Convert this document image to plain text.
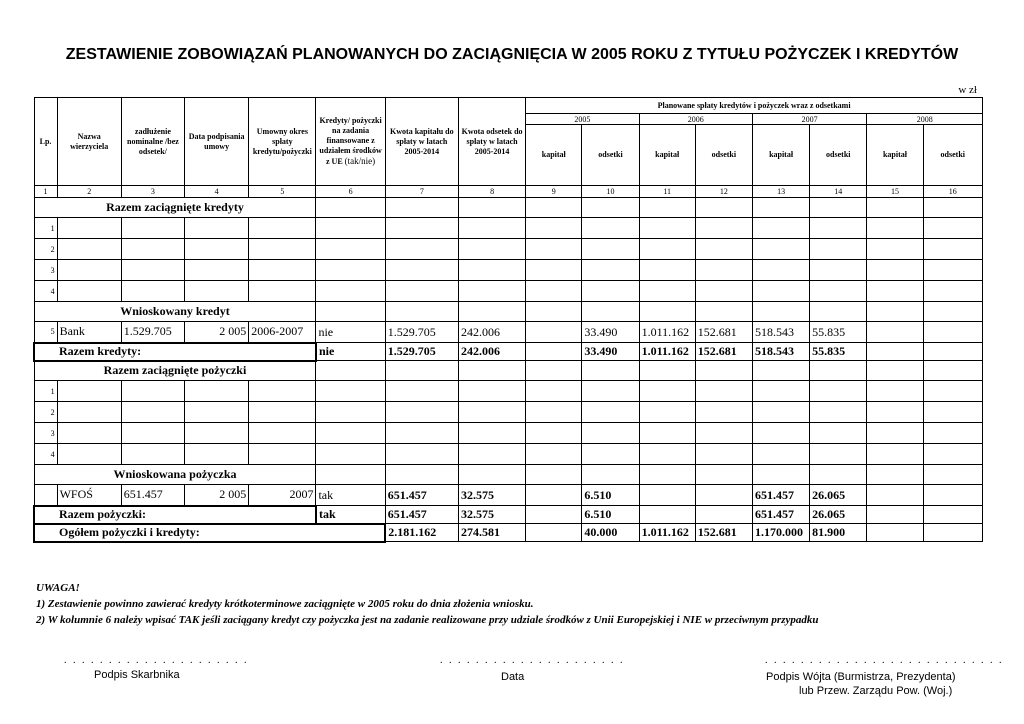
ZESTAWIENIE ZOBOWIĄZAŃ PLANOWANYCH DO ZACIĄGNIĘCIA W 2005 ROKU Z TYTUŁU POŻYCZEK I KREDYTÓW
w zł
Lp.	Nazwa wierzyciela	zadłużenie nominalne /bez odsetek/	Data podpisania umowy	Umowny okres spłaty kredytu/pożyczki	Kredyty/ pożyczki na zadania finansowane z udziałem środków z UE (tak/nie)	Kwota kapitału do spłaty w latach 2005-2014	Kwota odsetek do spłaty w latach 2005-2014	Planowane spłaty kredytów i pożyczek wraz z odsetkami							
								2005		2006		2007		2008	
								kapitał	odsetki	kapitał	odsetki	kapitał	odsetki	kapitał	odsetki
1	2	3	4	5	6	7	8	9	10	11	12	13	14	15	16
Razem zaciągnięte kredyty															
1															
2															
3															
4															
Wnioskowany kredyt															
5	Bank	1.529.705	2 005	2006-2007	nie	1.529.705	242.006		33.490	1.011.162	152.681	518.543	55.835		
Razem kredyty:					nie	1.529.705	242.006		33.490	1.011.162	152.681	518.543	55.835		
Razem zaciągnięte pożyczki															
1															
2															
3															
4															
Wnioskowana pożyczka															
	WFOŚ	651.457	2 005	2007	tak	651.457	32.575		6.510			651.457	26.065		
Razem pożyczki:					tak	651.457	32.575		6.510			651.457	26.065		
Ogółem pożyczki i kredyty:						2.181.162	274.581		40.000	1.011.162	152.681	1.170.000	81.900		
UWAGA!
1) Zestawienie powinno zawierać kredyty krótkoterminowe zaciągnięte w 2005 roku do dnia złożenia wniosku.
2) W kolumnie 6 należy wpisać TAK jeśli zaciągany kredyt czy pożyczka jest na zadanie realizowane przy udziale środków z Unii Europejskiej i NIE w przeciwnym przypadku
. . . . . . . . . . . . . . . . . . . . .	. . . . . . . . . . . . . . . . . . . . .	. . . . . . . . . . . . . . . . . . . . . . . . . . .
Podpis Skarbnika	Data	Podpis Wójta (Burmistrza, Prezydenta)
lub Przew. Zarządu Pow. (Woj.)
